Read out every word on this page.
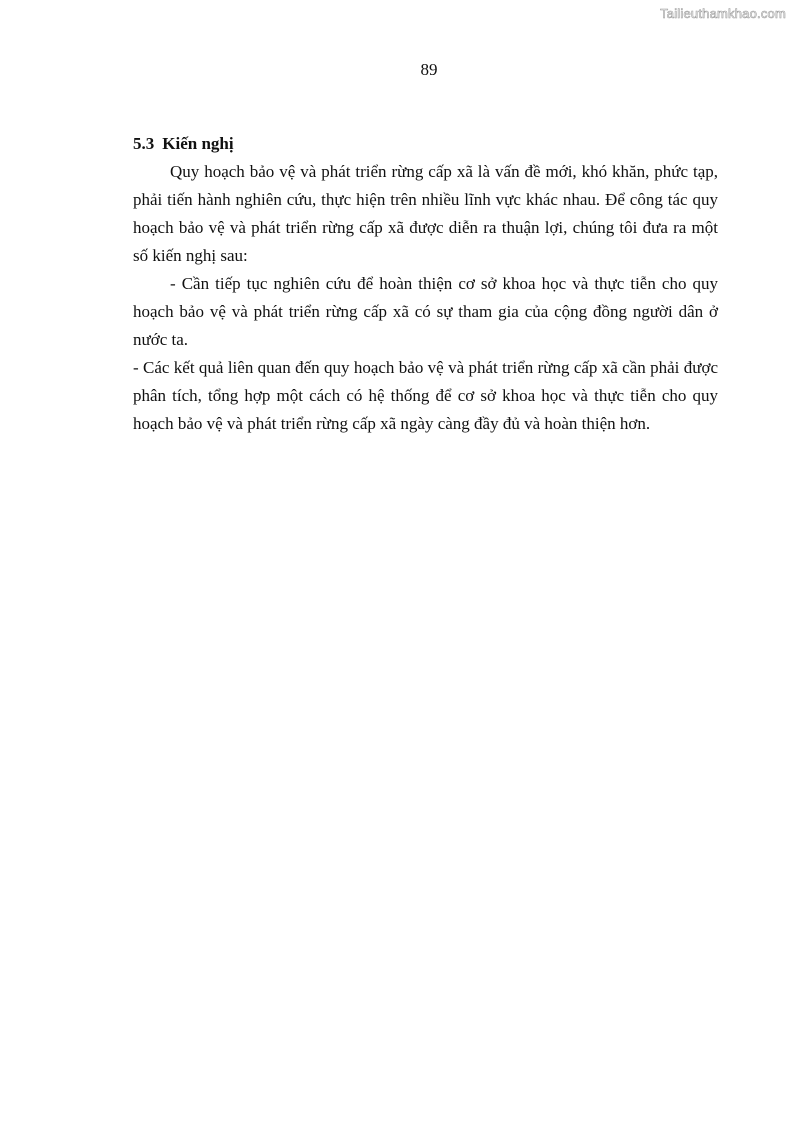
Tailieuthamkhao.com
89
5.3 Kiến nghị

Quy hoạch bảo vệ và phát triển rừng cấp xã là vấn đề mới, khó khăn, phức tạp, phải tiến hành nghiên cứu, thực hiện trên nhiều lĩnh vực khác nhau. Để công tác quy hoạch bảo vệ và phát triển rừng cấp xã được diễn ra thuận lợi, chúng tôi đưa ra một số kiến nghị sau:

- Cần tiếp tục nghiên cứu để hoàn thiện cơ sở khoa học và thực tiễn cho quy hoạch bảo vệ và phát triển rừng cấp xã có sự tham gia của cộng đồng người dân ở nước ta.

- Các kết quả liên quan đến quy hoạch bảo vệ và phát triển rừng cấp xã cần phải được phân tích, tổng hợp một cách có hệ thống để cơ sở khoa học và thực tiễn cho quy hoạch bảo vệ và phát triển rừng cấp xã ngày càng đầy đủ và hoàn thiện hơn.
